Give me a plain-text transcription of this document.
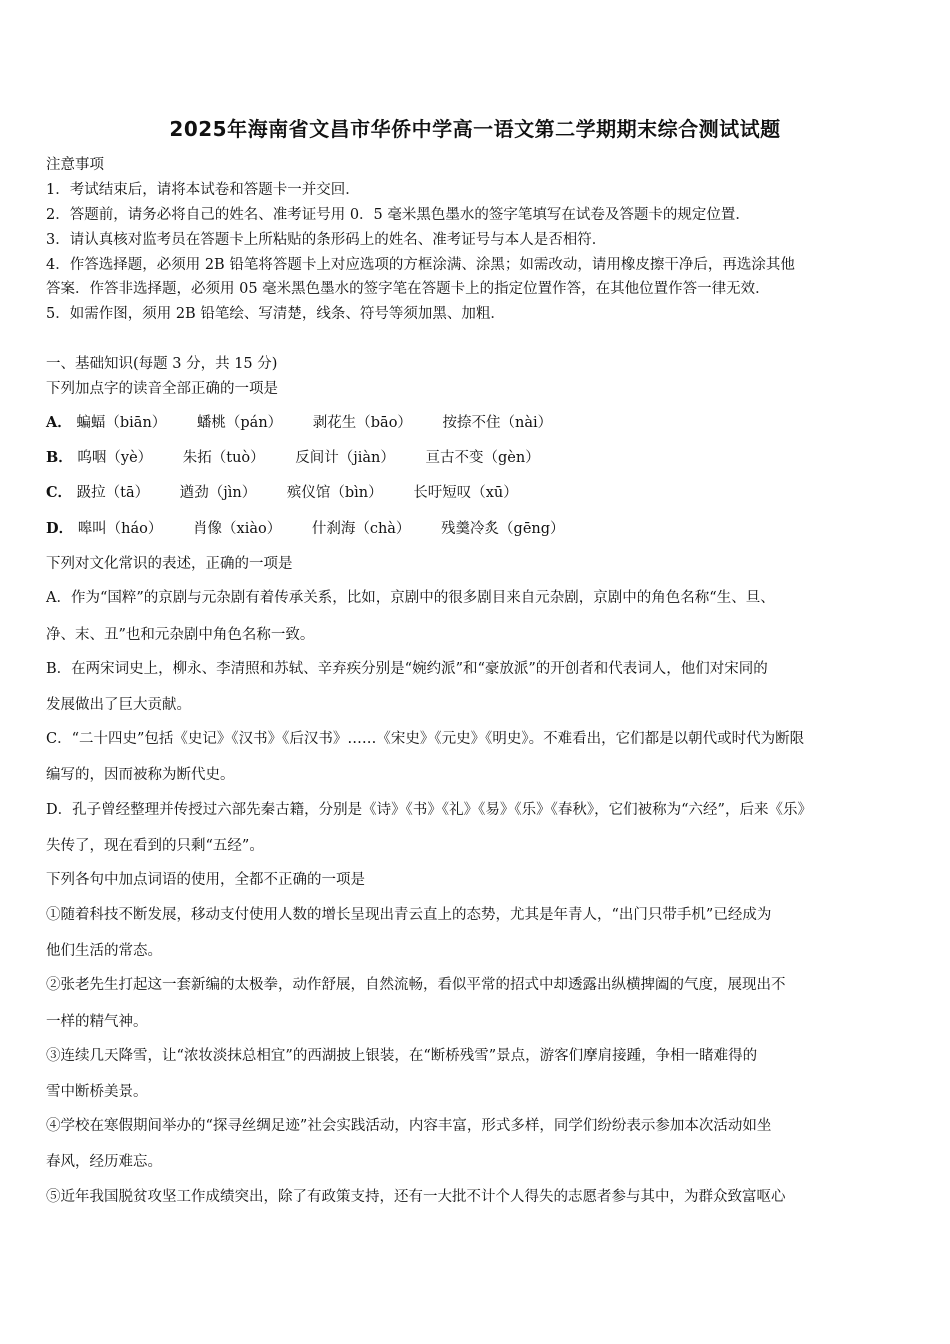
2025年海南省文昌市华侨中学高一语文第二学期期末综合测试试题
注意事项
1．考试结束后，请将本试卷和答题卡一并交回．
2．答题前，请务必将自己的姓名、准考证号用 0．5 毫米黑色墨水的签字笔填写在试卷及答题卡的规定位置．
3．请认真核对监考员在答题卡上所粘贴的条形码上的姓名、准考证号与本人是否相符．
4．作答选择题，必须用 2B 铅笔将答题卡上对应选项的方框涂满、涂黑；如需改动，请用橡皮擦干净后，再选涂其他
答案．作答非选择题，必须用 05 毫米黑色墨水的签字笔在答题卡上的指定位置作答，在其他位置作答一律无效．
5．如需作图，须用 2B 铅笔绘、写清楚，线条、符号等须加黑、加粗．
一、基础知识(每题 3 分，共 15 分)
下列加点字的读音全部正确的一项是
A． 蝙蝠（biān） 蟠桃（pán） 剥花生（bāo） 按捺不住（nài）
B． 呜咽（yè） 朱拓（tuò） 反间计（jiàn） 亘古不变（gèn）
C． 趿拉（tā） 遒劲（jìn） 殡仪馆（bìn） 长吁短叹（xū）
D． 嗥叫（háo） 肖像（xiào） 什刹海（chà） 残羹冷炙（gēng）
下列对文化常识的表述，正确的一项是
A．作为“国粹”的京剧与元杂剧有着传承关系，比如，京剧中的很多剧目来自元杂剧，京剧中的角色名称“生、旦、
净、末、丑”也和元杂剧中角色名称一致。
B．在两宋词史上，柳永、李清照和苏轼、辛弃疾分别是“婉约派”和“豪放派”的开创者和代表词人，他们对宋同的
发展做出了巨大贡献。
C．“二十四史”包括《史记》《汉书》《后汉书》……《宋史》《元史》《明史》。不难看出，它们都是以朝代或时代为断限
编写的，因而被称为断代史。
D．孔子曾经整理并传授过六部先秦古籍，分别是《诗》《书》《礼》《易》《乐》《春秋》，它们被称为“六经”，后来《乐》
失传了，现在看到的只剩“五经”。
下列各句中加点词语的使用，全都不正确的一项是
①随着科技不断发展，移动支付使用人数的增长呈现出青云直上的态势，尤其是年青人，“出门只带手机”已经成为
他们生活的常态。
②张老先生打起这一套新编的太极拳，动作舒展，自然流畅，看似平常的招式中却透露出纵横捭阖的气度，展现出不
一样的精气神。
③连续几天降雪，让“浓妆淡抹总相宜”的西湖披上银装，在“断桥残雪”景点，游客们摩肩接踵，争相一睹难得的
雪中断桥美景。
④学校在寒假期间举办的“探寻丝绸足迹”社会实践活动，内容丰富，形式多样，同学们纷纷表示参加本次活动如坐
春风，经历难忘。
⑤近年我国脱贫攻坚工作成绩突出，除了有政策支持，还有一大批不计个人得失的志愿者参与其中，为群众致富呕心
